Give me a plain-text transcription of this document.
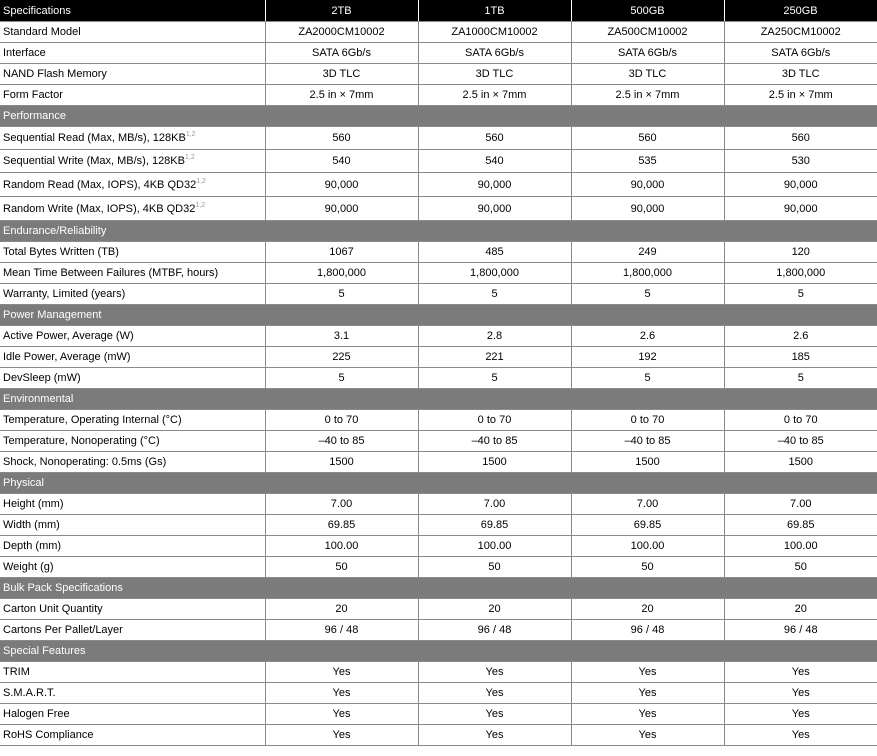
Specifications	2TB	1TB	500GB	250GB
Standard Model	ZA2000CM10002	ZA1000CM10002	ZA500CM10002	ZA250CM10002
Interface	SATA 6Gb/s	SATA 6Gb/s	SATA 6Gb/s	SATA 6Gb/s
NAND Flash Memory	3D TLC	3D TLC	3D TLC	3D TLC
Form Factor	2.5 in × 7mm	2.5 in × 7mm	2.5 in × 7mm	2.5 in × 7mm
Performance				
Sequential Read (Max, MB/s), 128KB$^{1,2}$	560	560	560	560
Sequential Write (Max, MB/s), 128KB$^{1,2}$	540	540	535	530
Random Read (Max, IOPS), 4KB QD32$^{1,2}$	90,000	90,000	90,000	90,000
Random Write (Max, IOPS), 4KB QD32$^{1,2}$	90,000	90,000	90,000	90,000
Endurance/Reliability				
Total Bytes Written (TB)	1067	485	249	120
Mean Time Between Failures (MTBF, hours)	1,800,000	1,800,000	1,800,000	1,800,000
Warranty, Limited (years)	5	5	5	5
Power Management				
Active Power, Average (W)	3.1	2.8	2.6	2.6
Idle Power, Average (mW)	225	221	192	185
DevSleep (mW)	5	5	5	5
Environmental				
Temperature, Operating Internal (°C)	0 to 70	0 to 70	0 to 70	0 to 70
Temperature, Nonoperating (°C)	–40 to 85	–40 to 85	–40 to 85	–40 to 85
Shock, Nonoperating: 0.5ms (Gs)	1500	1500	1500	1500
Physical				
Height (mm)	7.00	7.00	7.00	7.00
Width (mm)	69.85	69.85	69.85	69.85
Depth (mm)	100.00	100.00	100.00	100.00
Weight (g)	50	50	50	50
Bulk Pack Specifications				
Carton Unit Quantity	20	20	20	20
Cartons Per Pallet/Layer	96 / 48	96 / 48	96 / 48	96 / 48
Special Features				
TRIM	Yes	Yes	Yes	Yes
S.M.A.R.T.	Yes	Yes	Yes	Yes
Halogen Free	Yes	Yes	Yes	Yes
RoHS Compliance	Yes	Yes	Yes	Yes
